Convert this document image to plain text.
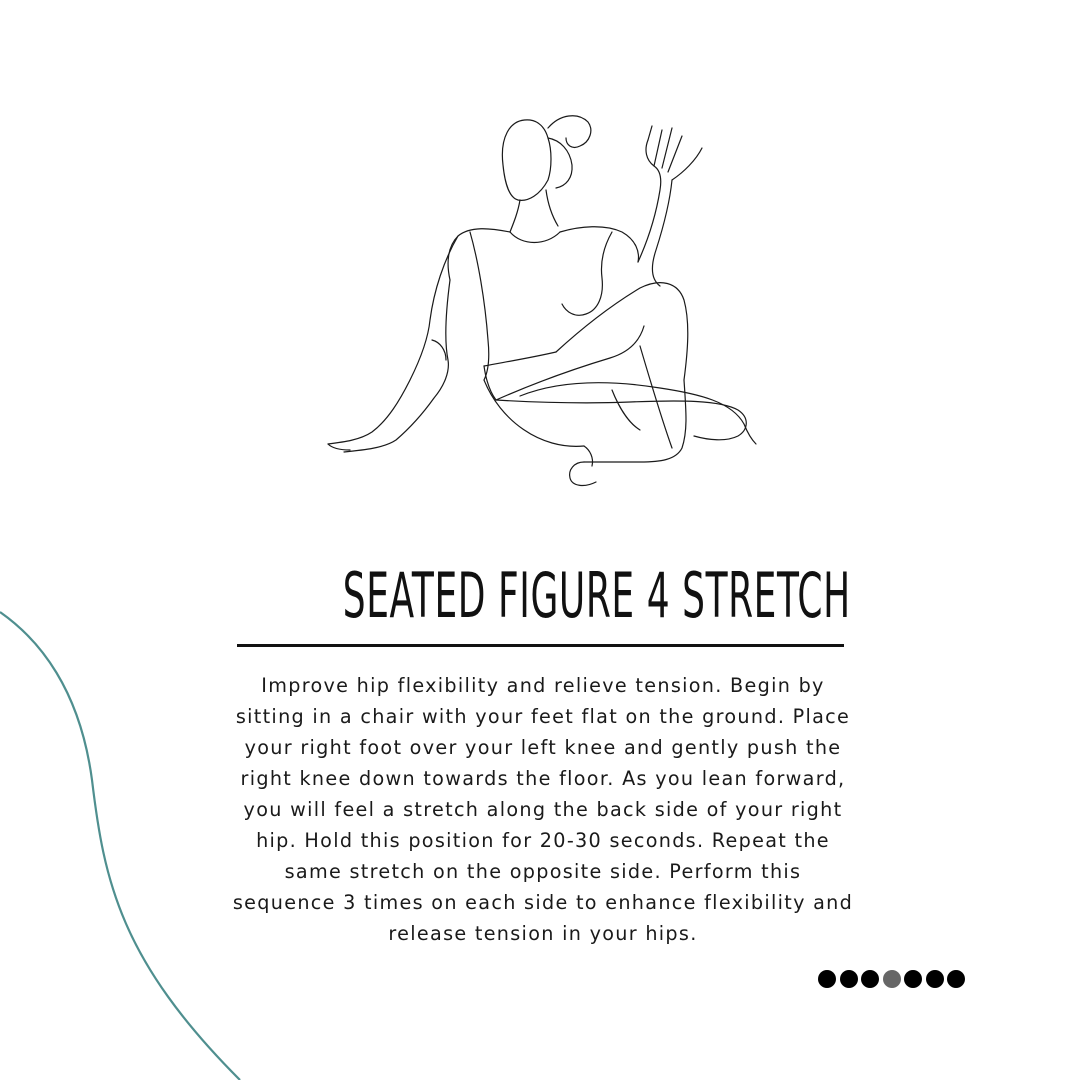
SEATED FIGURE 4 STRETCH

Improve hip flexibility and relieve tension. Begin by sitting in a chair with your feet flat on the ground. Place your right foot over your left knee and gently push the right knee down towards the floor. As you lean forward, you will feel a stretch along the back side of your right hip. Hold this position for 20-30 seconds. Repeat the same stretch on the opposite side. Perform this sequence 3 times on each side to enhance flexibility and release tension in your hips.
